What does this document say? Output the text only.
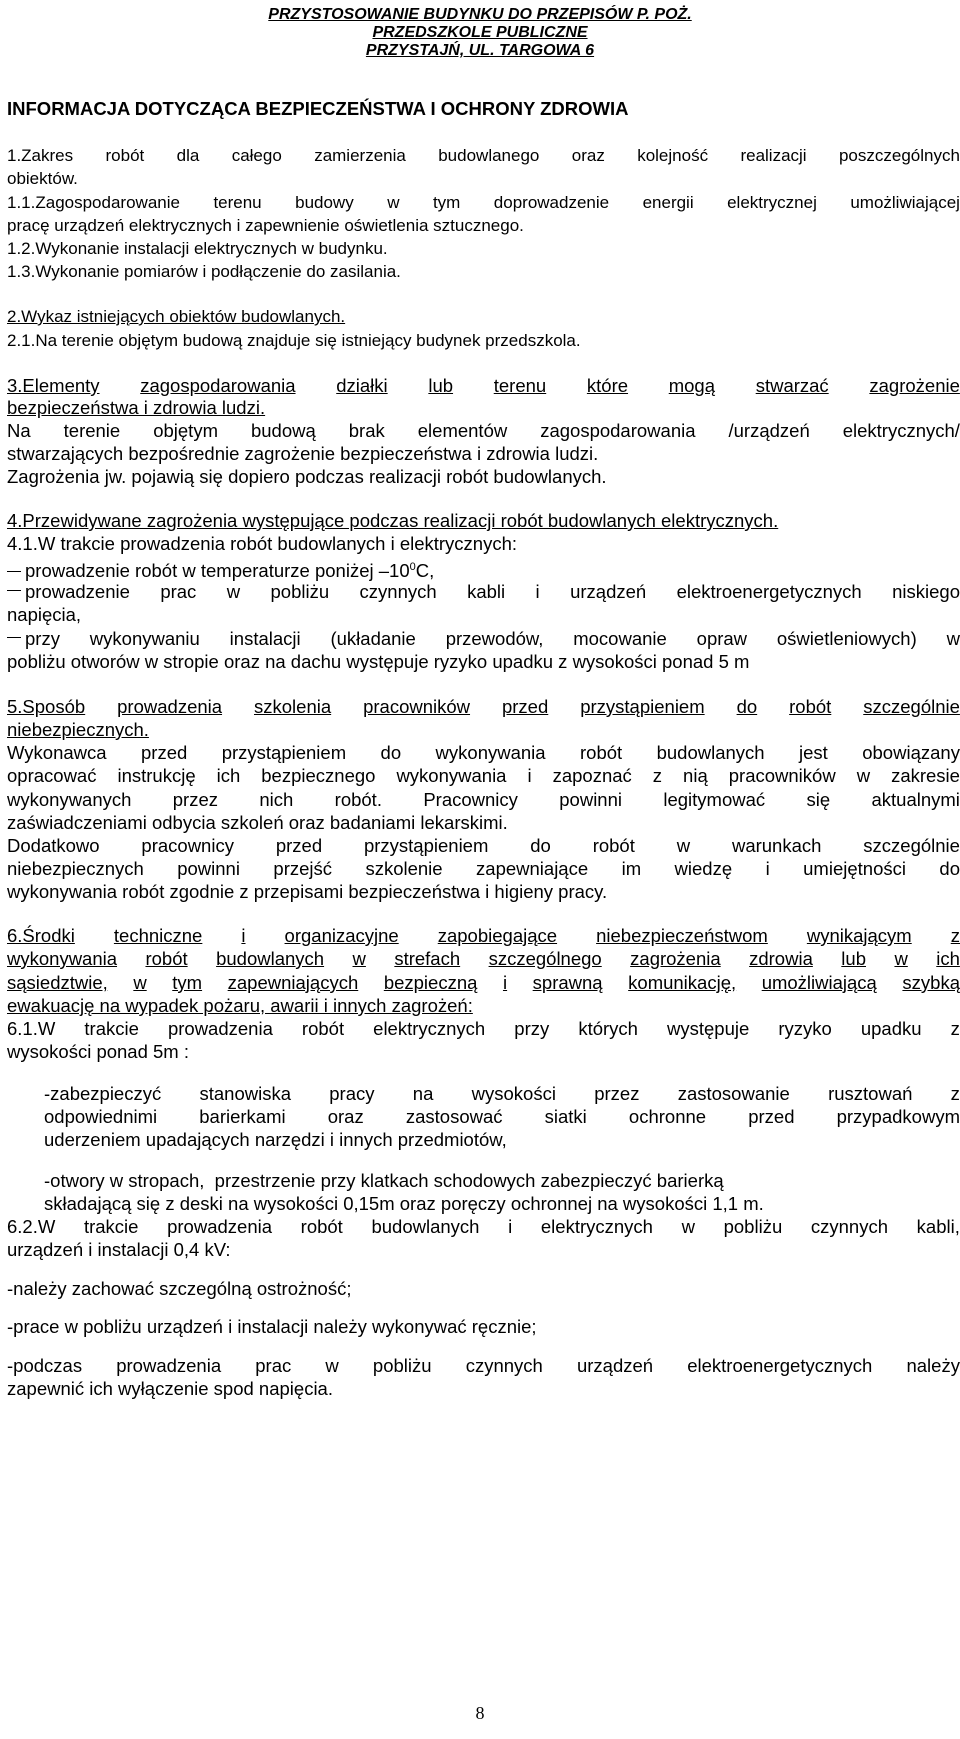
PRZYSTOSOWANIE BUDYNKU DO PRZEPISÓW P. POŻ.
PRZEDSZKOLE PUBLICZNE
PRZYSTAJŃ, UL. TARGOWA 6
INFORMACJA DOTYCZĄCA BEZPIECZEŃSTWA I OCHRONY ZDROWIA
1.Zakres robót dla całego zamierzenia budowlanego oraz kolejność realizacji poszczególnych
obiektów.
1.1.Zagospodarowanie terenu budowy w tym doprowadzenie energii elektrycznej umożliwiającej
pracę urządzeń elektrycznych i zapewnienie oświetlenia sztucznego.
1.2.Wykonanie instalacji elektrycznych w budynku.
1.3.Wykonanie pomiarów i podłączenie do zasilania.
2.Wykaz istniejących obiektów budowlanych.
2.1.Na terenie objętym budową znajduje się istniejący budynek przedszkola.
3.Elementy zagospodarowania działki lub terenu które mogą stwarzać zagrożenie
bezpieczeństwa i zdrowia ludzi.
Na terenie objętym budową brak elementów zagospodarowania /urządzeń elektrycznych/
stwarzających bezpośrednie zagrożenie bezpieczeństwa i zdrowia ludzi.
Zagrożenia jw. pojawią się dopiero podczas realizacji robót budowlanych.
4.Przewidywane zagrożenia występujące podczas realizacji robót budowlanych elektrycznych.
4.1.W trakcie prowadzenia robót budowlanych i elektrycznych:
prowadzenie robót w temperaturze poniżej $-10^0C$,
prowadzenie prac w pobliżu czynnych kabli i urządzeń elektroenergetycznych niskiego
napięcia,
przy wykonywaniu instalacji (układanie przewodów, mocowanie opraw oświetleniowych) w
pobliżu otworów w stropie oraz na dachu występuje ryzyko upadku z wysokości ponad 5 m
5.Sposób prowadzenia szkolenia pracowników przed przystąpieniem do robót szczególnie
niebezpiecznych.
Wykonawca przed przystąpieniem do wykonywania robót budowlanych jest obowiązany
opracować instrukcję ich bezpiecznego wykonywania i zapoznać z nią pracowników w zakresie
wykonywanych przez nich robót. Pracownicy powinni legitymować się aktualnymi
zaświadczeniami odbycia szkoleń oraz badaniami lekarskimi.
Dodatkowo pracownicy przed przystąpieniem do robót w warunkach szczególnie
niebezpiecznych powinni przejść szkolenie zapewniające im wiedzę i umiejętności do
wykonywania robót zgodnie z przepisami bezpieczeństwa i higieny pracy.
6.Środki techniczne i organizacyjne zapobiegające niebezpieczeństwom wynikającym z
wykonywania robót budowlanych w strefach szczególnego zagrożenia zdrowia lub w ich
sąsiedztwie, w tym zapewniających bezpieczną i sprawną komunikację, umożliwiającą szybką
ewakuację na wypadek pożaru, awarii i innych zagrożeń:
6.1.W trakcie prowadzenia robót elektrycznych przy których występuje ryzyko upadku z
wysokości ponad 5m :
-zabezpieczyć stanowiska pracy na wysokości przez zastosowanie rusztowań z
odpowiednimi barierkami oraz zastosować siatki ochronne przed przypadkowym
uderzeniem upadających narzędzi i innych przedmiotów,
-otwory w stropach,  przestrzenie przy klatkach schodowych zabezpieczyć barierką
składającą się z deski na wysokości 0,15m oraz poręczy ochronnej na wysokości 1,1 m.
6.2.W trakcie prowadzenia robót budowlanych i elektrycznych w pobliżu czynnych kabli,
urządzeń i instalacji 0,4 kV:
-należy zachować szczególną ostrożność;
-prace w pobliżu urządzeń i instalacji należy wykonywać ręcznie;
-podczas prowadzenia prac w pobliżu czynnych urządzeń elektroenergetycznych należy
zapewnić ich wyłączenie spod napięcia.
8
